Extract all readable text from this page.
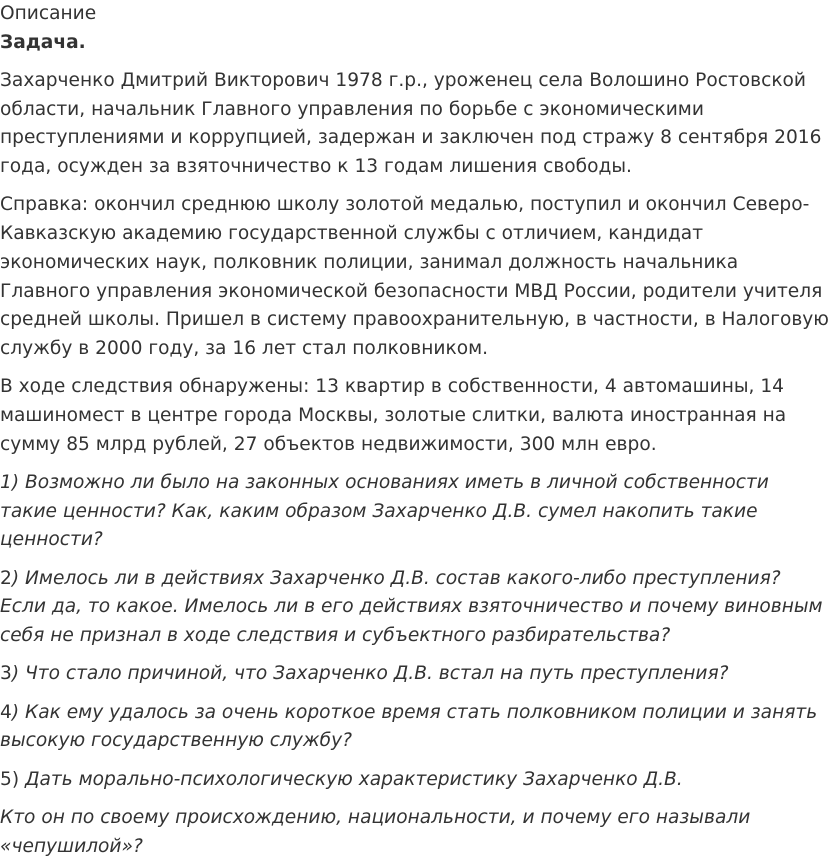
Описание
Задача.

Захарченко Дмитрий Викторович 1978 г.р., уроженец села Волошино Ростовской области, начальник Главного управления по борьбе с экономическими преступлениями и коррупцией, задержан и заключен под стражу 8 сентября 2016 года, осужден за взяточничество к 13 годам лишения свободы.

Справка: окончил среднюю школу золотой медалью, поступил и окончил Северо-Кавказскую академию государственной службы с отличием, кандидат экономических наук, полковник полиции, занимал должность начальника Главного управления экономической безопасности МВД России, родители учителя средней школы. Пришел в систему правоохранительную, в частности, в Налоговую службу в 2000 году, за 16 лет стал полковником.

В ходе следствия обнаружены: 13 квартир в собственности, 4 автомашины, 14 машиномест в центре города Москвы, золотые слитки, валюта иностранная на сумму 85 млрд рублей, 27 объектов недвижимости, 300 млн евро.

1) Возможно ли было на законных основаниях иметь в личной собственности такие ценности? Как, каким образом Захарченко Д.В. сумел накопить такие ценности?

2) Имелось ли в действиях Захарченко Д.В. состав какого-либо преступления? Если да, то какое. Имелось ли в его действиях взяточничество и почему виновным себя не признал в ходе следствия и субъектного разбирательства?

3) Что стало причиной, что Захарченко Д.В. встал на путь преступления?

4) Как ему удалось за очень короткое время стать полковником полиции и занять высокую государственную службу?

5) Дать морально-психологическую характеристику Захарченко Д.В.

Кто он по своему происхождению, национальности, и почему его называли «чепушилой»?
